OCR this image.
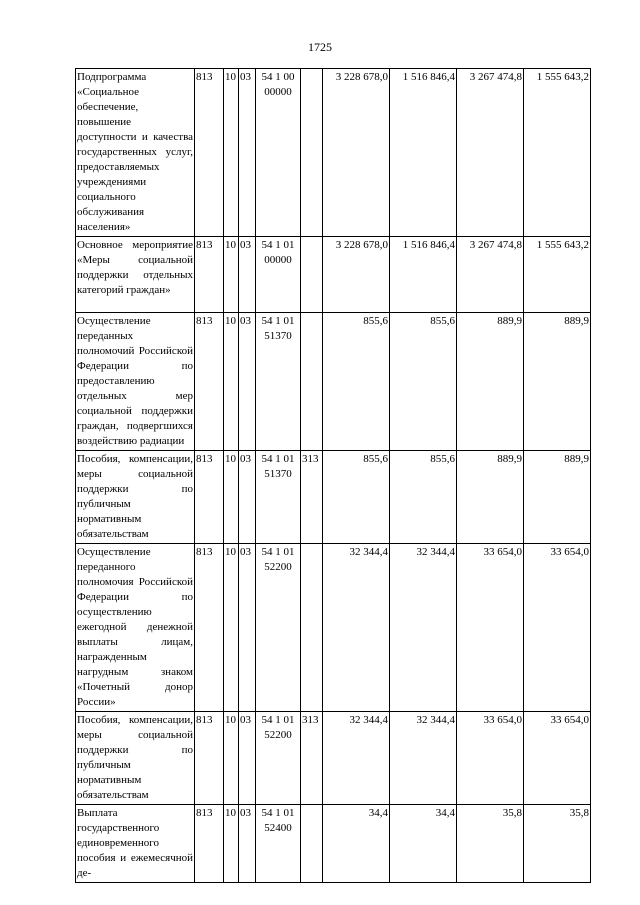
1725
Подпрограмма «Социальное обеспечение, повышение доступности и качества государственных услуг, предоставляемых учреждениями социального обслуживания населения»	813	10	03	54 1 00 00000		3 228 678,0	1 516 846,4	3 267 474,8	1 555 643,2
Основное мероприятие «Меры социальной поддержки отдельных категорий граждан»	813	10	03	54 1 01 00000		3 228 678,0	1 516 846,4	3 267 474,8	1 555 643,2
Осуществление переданных полномочий Российской Федерации по предоставлению отдельных мер социальной поддержки граждан, подвергшихся воздействию радиации	813	10	03	54 1 01 51370		855,6	855,6	889,9	889,9
Пособия, компенсации, меры социальной поддержки по публичным нормативным обязательствам	813	10	03	54 1 01 51370	313	855,6	855,6	889,9	889,9
Осуществление переданного полномочия Российской Федерации по осуществлению ежегодной денежной выплаты лицам, награжденным нагрудным знаком «Почетный донор России»	813	10	03	54 1 01 52200		32 344,4	32 344,4	33 654,0	33 654,0
Пособия, компенсации, меры социальной поддержки по публичным нормативным обязательствам	813	10	03	54 1 01 52200	313	32 344,4	32 344,4	33 654,0	33 654,0
Выплата государственного единовременного пособия и ежемесячной де-	813	10	03	54 1 01 52400		34,4	34,4	35,8	35,8
